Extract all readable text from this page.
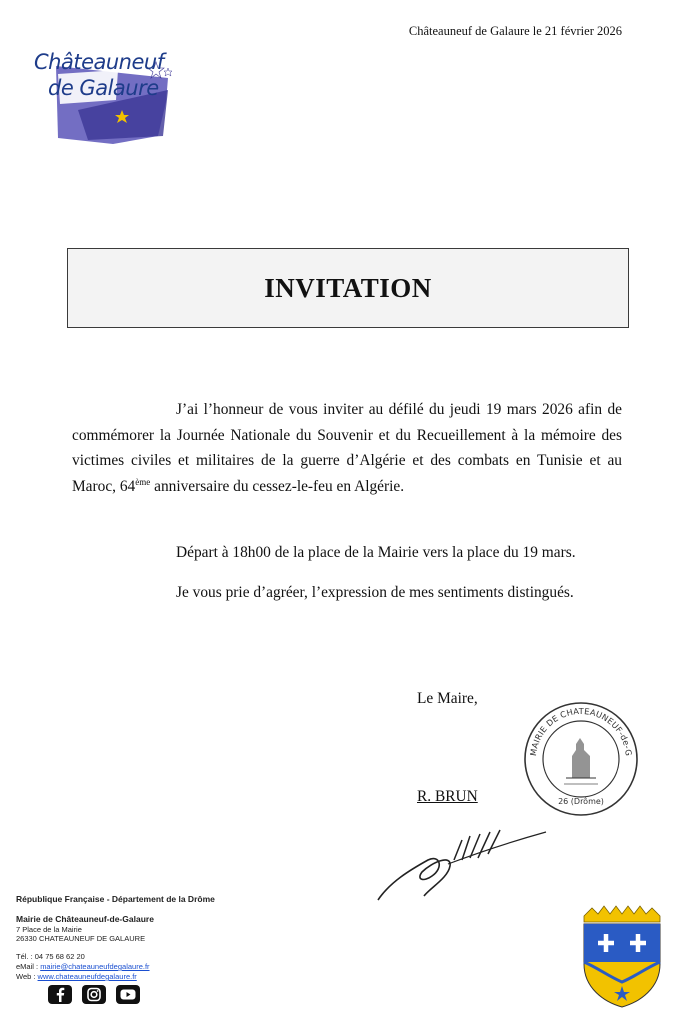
Châteauneuf de Galaure le 21 février 2026
Châteauneuf
de Galaure
INVITATION
J’ai l’honneur de vous inviter au défilé du jeudi 19 mars 2026 afin de commémorer la Journée Nationale du Souvenir et du Recueillement à la mémoire des victimes civiles et militaires de la guerre d’Algérie et des combats en Tunisie et au Maroc, 64ème anniversaire du cessez-le-feu en Algérie.
Départ à 18h00 de la place de la Mairie vers la place du 19 mars.
Je vous prie d’agréer, l’expression de mes sentiments distingués.
Le Maire,
MAIRIE DE CHATEAUNEUF-de-G
26 (Drôme)
R. BRUN
République Française - Département de la Drôme
Mairie de Châteauneuf-de-Galaure
7 Place de la Mairie
26330 CHATEAUNEUF DE GALAURE
Tél. : 04 75 68 62 20
eMail : mairie@chateauneufdegalaure.fr
Web : www.chateauneufdegalaure.fr
